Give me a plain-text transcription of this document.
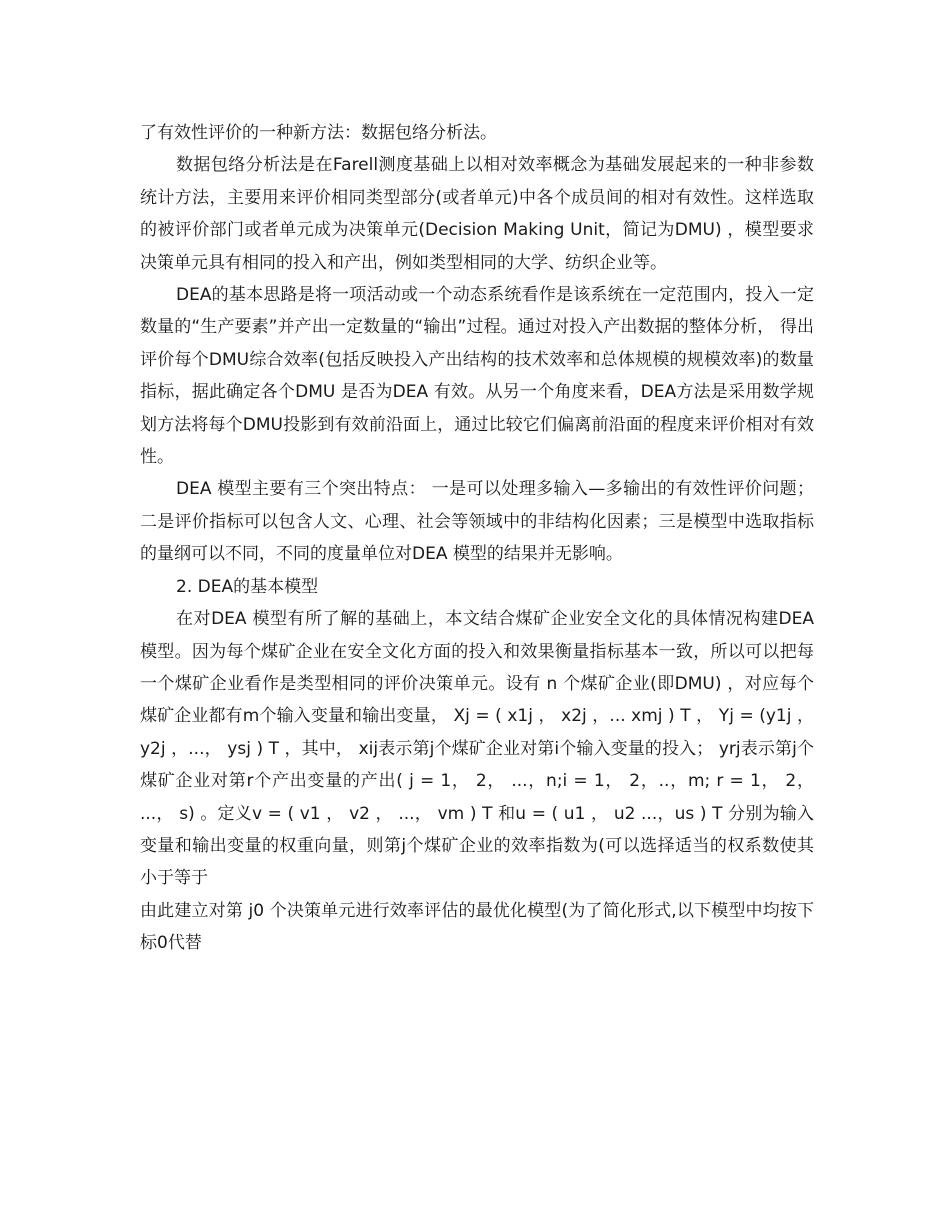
了有效性评价的一种新方法：数据包络分析法。

数据包络分析法是在Farell测度基础上以相对效率概念为基础发展起来的一种非参数统计方法，主要用来评价相同类型部分(或者单元)中各个成员间的相对有效性。这样选取的被评价部门或者单元成为决策单元(Decision Making Unit，简记为DMU) ，模型要求决策单元具有相同的投入和产出，例如类型相同的大学、纺织企业等。

DEA的基本思路是将一项活动或一个动态系统看作是该系统在一定范围内，投入一定数量的“生产要素”并产出一定数量的“输出”过程。通过对投入产出数据的整体分析， 得出评价每个DMU综合效率(包括反映投入产出结构的技术效率和总体规模的规模效率)的数量指标，据此确定各个DMU 是否为DEA 有效。从另一个角度来看，DEA方法是采用数学规划方法将每个DMU投影到有效前沿面上，通过比较它们偏离前沿面的程度来评价相对有效性。

DEA 模型主要有三个突出特点： 一是可以处理多输入—多输出的有效性评价问题； 二是评价指标可以包含人文、心理、社会等领域中的非结构化因素；三是模型中选取指标的量纲可以不同，不同的度量单位对DEA 模型的结果并无影响。

2. DEA的基本模型

在对DEA 模型有所了解的基础上，本文结合煤矿企业安全文化的具体情况构建DEA 模型。因为每个煤矿企业在安全文化方面的投入和效果衡量指标基本一致，所以可以把每一个煤矿企业看作是类型相同的评价决策单元。设有 n 个煤矿企业(即DMU) ，对应每个煤矿企业都有m个输入变量和输出变量， Xj = ( x1j ， x2j ，... xmj ) T ， Yj = (y1j ，y2j ，...， ysj ) T ，其中， xij表示第j个煤矿企业对第i个输入变量的投入； yrj表示第j个煤矿企业对第r个产出变量的产出( j = 1， 2， ...，n;i = 1， 2，..，m; r = 1， 2， ...， s) 。定义v = ( v1 ， v2 ， ...， vm ) T 和u = ( u1 ， u2 ...，us ) T 分别为输入变量和输出变量的权重向量，则第j个煤矿企业的效率指数为(可以选择适当的权系数使其小于等于

由此建立对第 j0 个决策单元进行效率评估的最优化模型(为了简化形式,以下模型中均按下标0代替
